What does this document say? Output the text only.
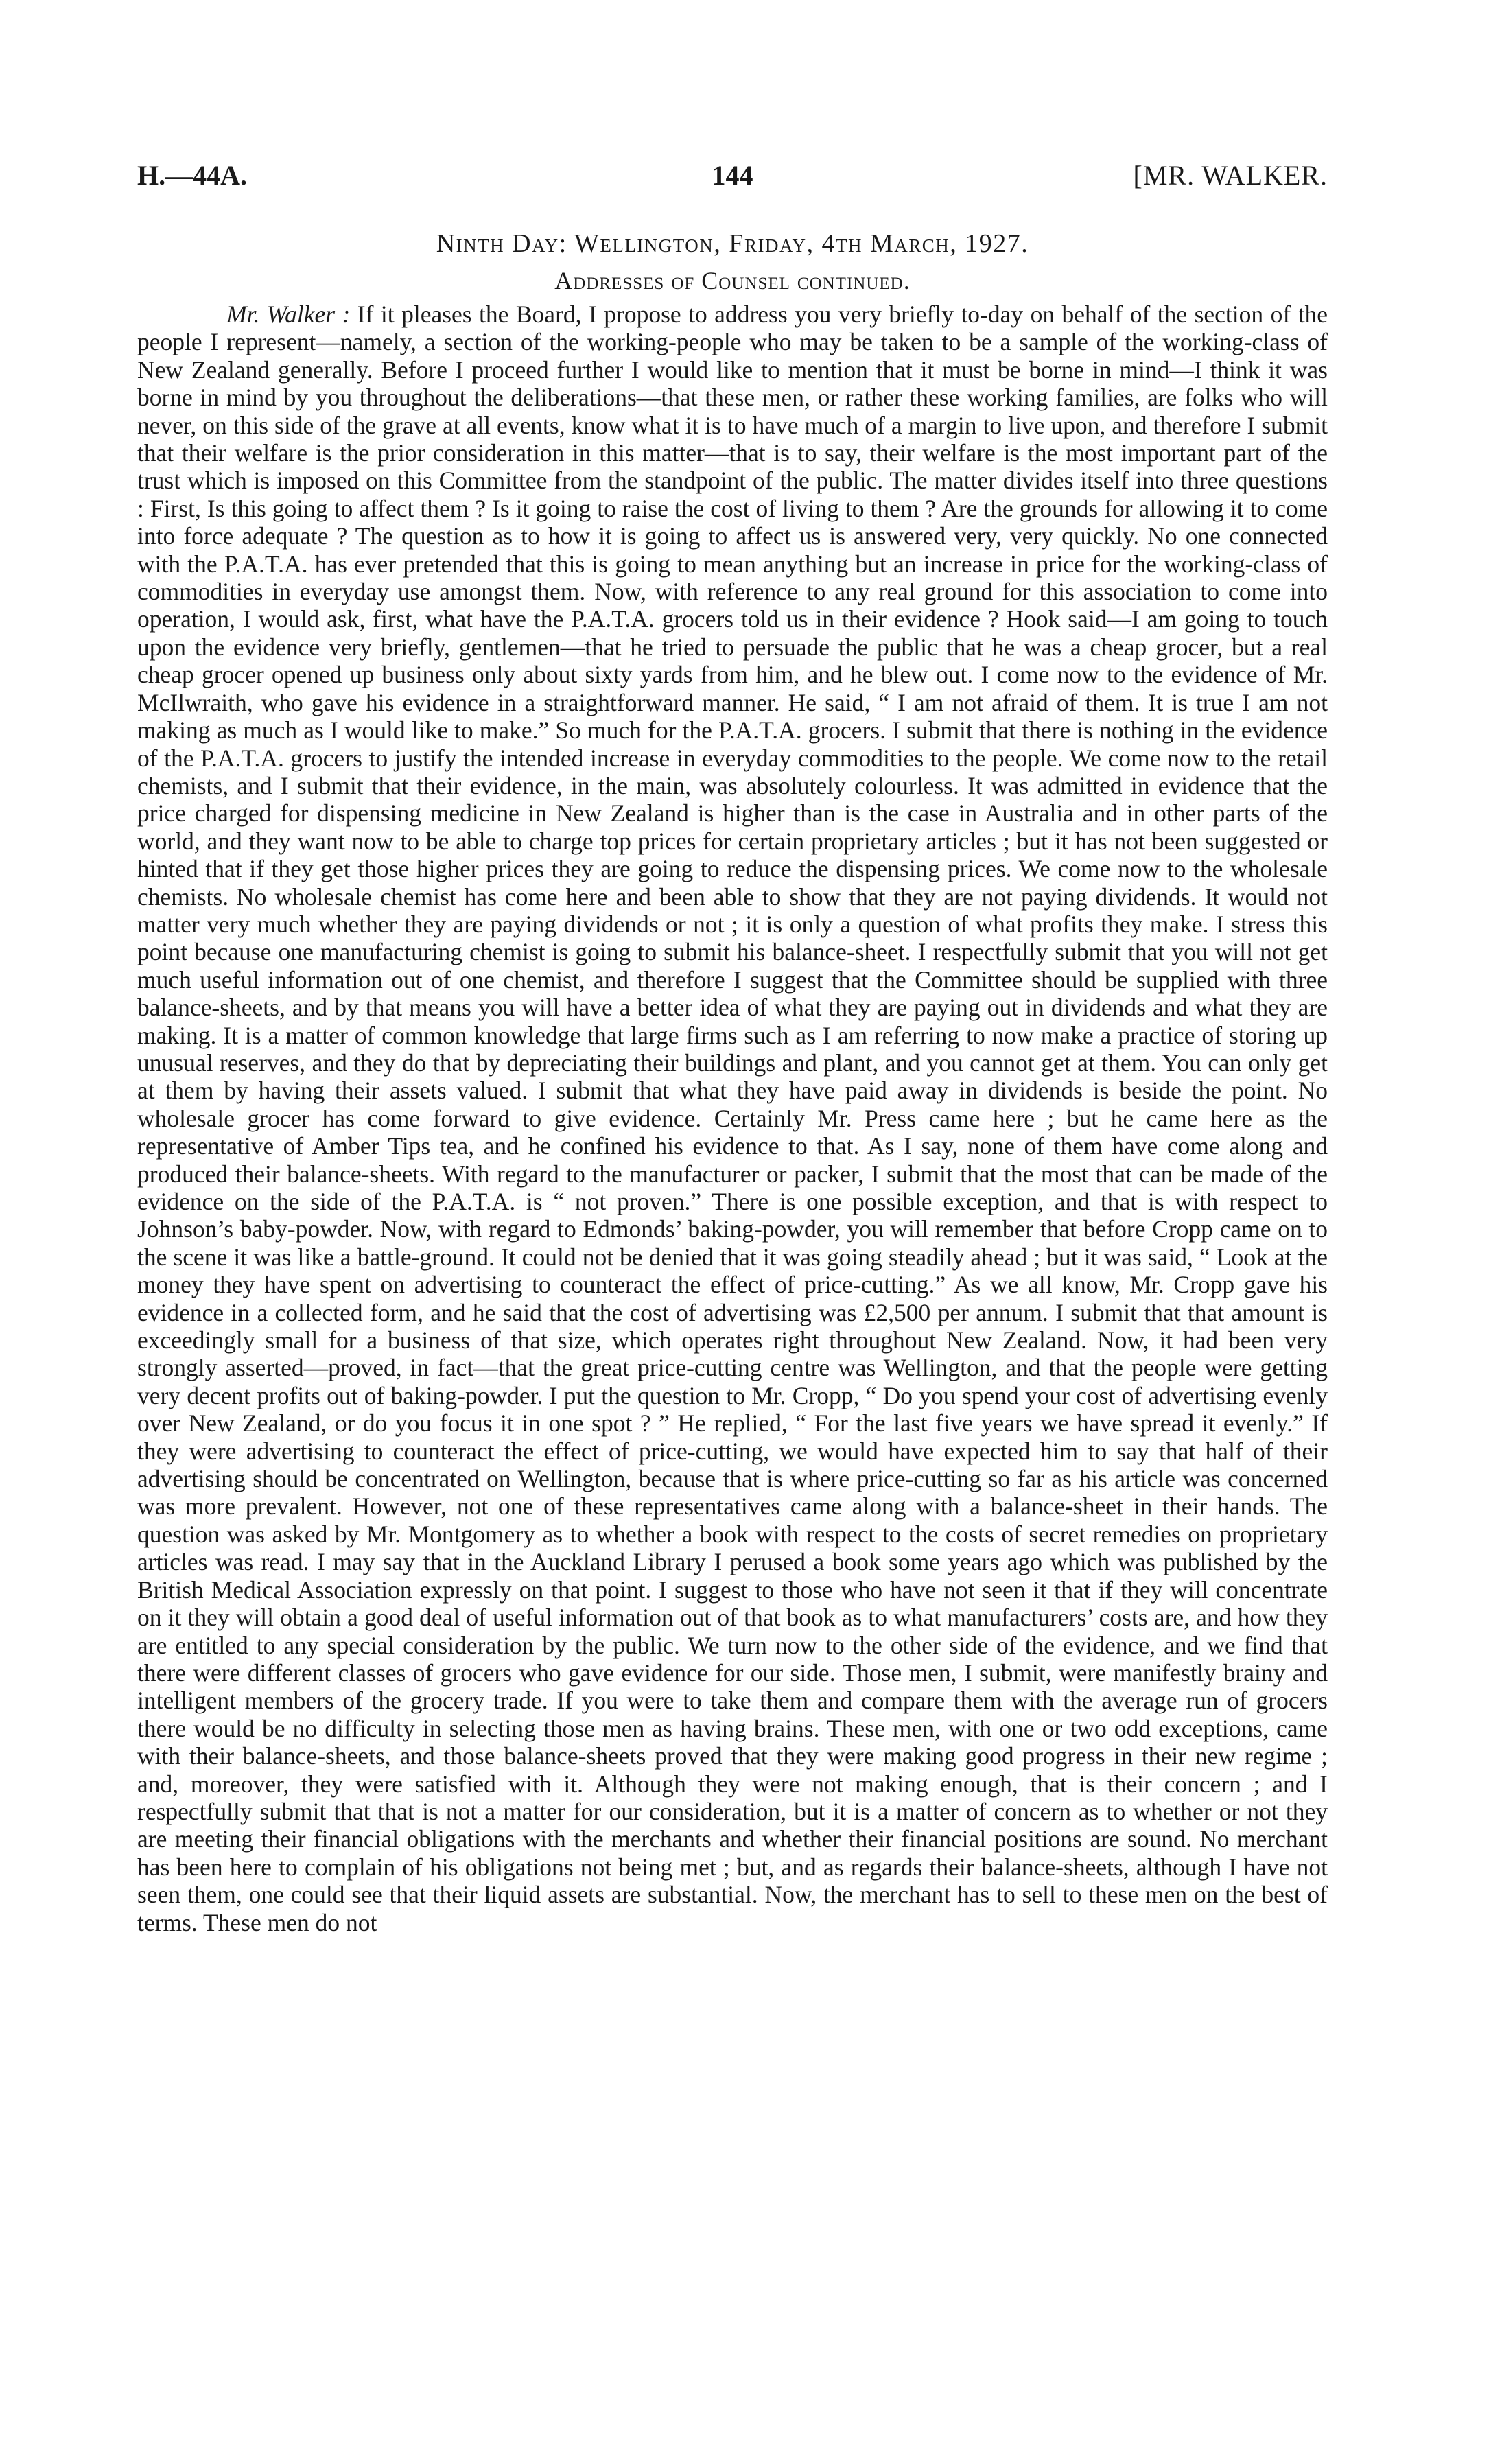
H.—44A.	144	[MR. WALKER.
Ninth Day: Wellington, Friday, 4th March, 1927.
Addresses of Counsel continued.

Mr. Walker : If it pleases the Board, I propose to address you very briefly to-day on behalf of the section of the people I represent—namely, a section of the working-people who may be taken to be a sample of the working-class of New Zealand generally. Before I proceed further I would like to mention that it must be borne in mind—I think it was borne in mind by you throughout the deliberations—that these men, or rather these working families, are folks who will never, on this side of the grave at all events, know what it is to have much of a margin to live upon, and therefore I submit that their welfare is the prior consideration in this matter—that is to say, their welfare is the most important part of the trust which is imposed on this Committee from the standpoint of the public. The matter divides itself into three questions : First, Is this going to affect them ? Is it going to raise the cost of living to them ? Are the grounds for allowing it to come into force adequate ? The question as to how it is going to affect us is answered very, very quickly. No one connected with the P.A.T.A. has ever pretended that this is going to mean anything but an increase in price for the working-class of commodities in everyday use amongst them. Now, with reference to any real ground for this association to come into operation, I would ask, first, what have the P.A.T.A. grocers told us in their evidence ? Hook said—I am going to touch upon the evidence very briefly, gentlemen—that he tried to persuade the public that he was a cheap grocer, but a real cheap grocer opened up business only about sixty yards from him, and he blew out. I come now to the evidence of Mr. McIlwraith, who gave his evidence in a straightforward manner. He said, “ I am not afraid of them. It is true I am not making as much as I would like to make.” So much for the P.A.T.A. grocers. I submit that there is nothing in the evidence of the P.A.T.A. grocers to justify the intended increase in everyday commodities to the people. We come now to the retail chemists, and I submit that their evidence, in the main, was absolutely colourless. It was admitted in evidence that the price charged for dispensing medicine in New Zealand is higher than is the case in Australia and in other parts of the world, and they want now to be able to charge top prices for certain proprietary articles ; but it has not been suggested or hinted that if they get those higher prices they are going to reduce the dispensing prices. We come now to the wholesale chemists. No wholesale chemist has come here and been able to show that they are not paying dividends. It would not matter very much whether they are paying dividends or not ; it is only a question of what profits they make. I stress this point because one manufacturing chemist is going to submit his balance-sheet. I respectfully submit that you will not get much useful information out of one chemist, and therefore I suggest that the Committee should be supplied with three balance-sheets, and by that means you will have a better idea of what they are paying out in dividends and what they are making. It is a matter of common knowledge that large firms such as I am referring to now make a practice of storing up unusual reserves, and they do that by depreciating their buildings and plant, and you cannot get at them. You can only get at them by having their assets valued. I submit that what they have paid away in dividends is beside the point. No wholesale grocer has come forward to give evidence. Certainly Mr. Press came here ; but he came here as the representative of Amber Tips tea, and he confined his evidence to that. As I say, none of them have come along and produced their balance-sheets. With regard to the manufacturer or packer, I submit that the most that can be made of the evidence on the side of the P.A.T.A. is “ not proven.” There is one possible exception, and that is with respect to Johnson’s baby-powder. Now, with regard to Edmonds’ baking-powder, you will remember that before Cropp came on to the scene it was like a battle-ground. It could not be denied that it was going steadily ahead ; but it was said, “ Look at the money they have spent on advertising to counteract the effect of price-cutting.” As we all know, Mr. Cropp gave his evidence in a collected form, and he said that the cost of advertising was £2,500 per annum. I submit that that amount is exceedingly small for a business of that size, which operates right throughout New Zealand. Now, it had been very strongly asserted—proved, in fact—that the great price-cutting centre was Wellington, and that the people were getting very decent profits out of baking-powder. I put the question to Mr. Cropp, “ Do you spend your cost of advertising evenly over New Zealand, or do you focus it in one spot ? ” He replied, “ For the last five years we have spread it evenly.” If they were advertising to counteract the effect of price-cutting, we would have expected him to say that half of their advertising should be concentrated on Wellington, because that is where price-cutting so far as his article was concerned was more prevalent. However, not one of these representatives came along with a balance-sheet in their hands. The question was asked by Mr. Montgomery as to whether a book with respect to the costs of secret remedies on proprietary articles was read. I may say that in the Auckland Library I perused a book some years ago which was published by the British Medical Association expressly on that point. I suggest to those who have not seen it that if they will concentrate on it they will obtain a good deal of useful information out of that book as to what manufacturers’ costs are, and how they are entitled to any special consideration by the public. We turn now to the other side of the evidence, and we find that there were different classes of grocers who gave evidence for our side. Those men, I submit, were manifestly brainy and intelligent members of the grocery trade. If you were to take them and compare them with the average run of grocers there would be no difficulty in selecting those men as having brains. These men, with one or two odd exceptions, came with their balance-sheets, and those balance-sheets proved that they were making good progress in their new regime ; and, moreover, they were satisfied with it. Although they were not making enough, that is their concern ; and I respectfully submit that that is not a matter for our consideration, but it is a matter of concern as to whether or not they are meeting their financial obligations with the merchants and whether their financial positions are sound. No merchant has been here to complain of his obligations not being met ; but, and as regards their balance-sheets, although I have not seen them, one could see that their liquid assets are substantial. Now, the merchant has to sell to these men on the best of terms. These men do not
